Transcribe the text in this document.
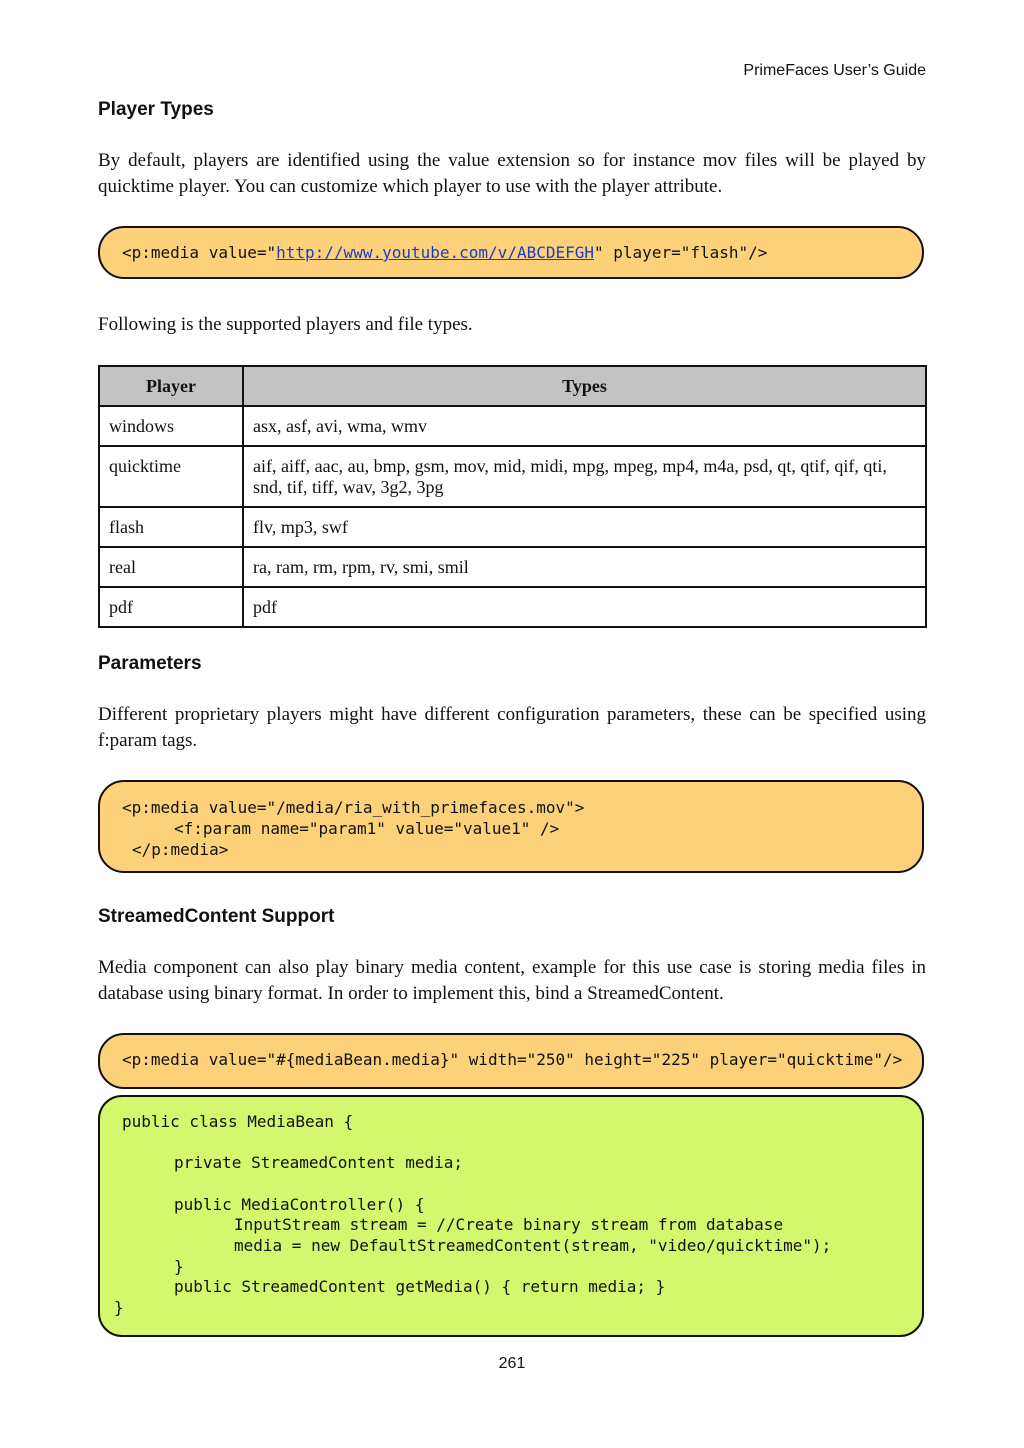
PrimeFaces User’s Guide
Player Types
By default, players are identified using the value extension so for instance mov files will be played by quicktime player. You can customize which player to use with the player attribute.
<p:media value="http://www.youtube.com/v/ABCDEFGH" player="flash"/>
Following is the supported players and file types.
Player	Types
windows	asx, asf, avi, wma, wmv
quicktime	aif, aiff, aac, au, bmp, gsm, mov, mid, midi, mpg, mpeg, mp4, m4a, psd, qt, qtif, qif, qti, snd, tif, tiff, wav, 3g2, 3pg
flash	flv, mp3, swf
real	ra, ram, rm, rpm, rv, smi, smil
pdf	pdf
Parameters
Different proprietary players might have different configuration parameters, these can be specified using f:param tags.
<p:media value="/media/ria_with_primefaces.mov">
<f:param name="param1" value="value1" />
</p:media>
StreamedContent Support
Media component can also play binary media content, example for this use case is storing media files in database using binary format. In order to implement this, bind a StreamedContent.
<p:media value="#{mediaBean.media}" width="250" height="225" player="quicktime"/>
public class MediaBean {
private StreamedContent media;
public MediaController() {
InputStream stream = //Create binary stream from database
media = new DefaultStreamedContent(stream, "video/quicktime");
}
public StreamedContent getMedia() { return media; }
}
261
